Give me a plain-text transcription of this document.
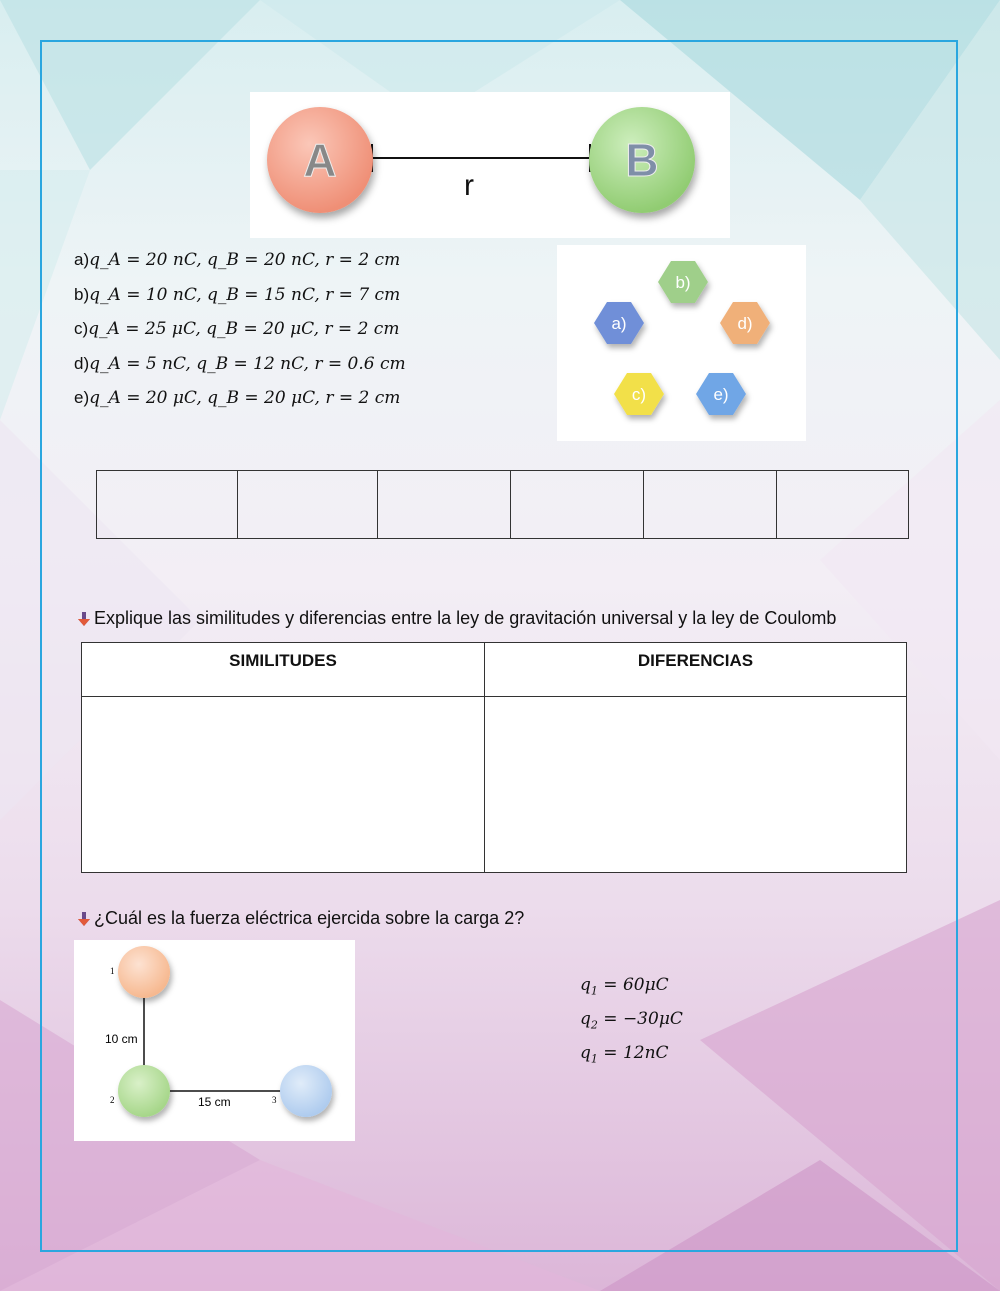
A	B
r
a)q_A = 20 nC, q_B = 20 nC, r = 2 cm
b)q_A = 10 nC, q_B = 15 nC, r = 7 cm
c)q_A = 25 μC, q_B = 20 μC, r = 2 cm
d)q_A = 5 nC, q_B = 12 nC, r = 0.6 cm
e)q_A = 20 μC, q_B = 20 μC, r = 2 cm
b)
a)	d)
c)	e)

Explique las similitudes y diferencias entre la ley de gravitación universal y la ley de Coulomb
SIMILITUDES	DIFERENCIAS

¿Cuál es la fuerza eléctrica ejercida sobre la carga 2?
1
2	3
10 cm
15 cm
$q_1 = 60\mu C$
$q_2 = -30\mu C$
$q_1 = 12nC$
